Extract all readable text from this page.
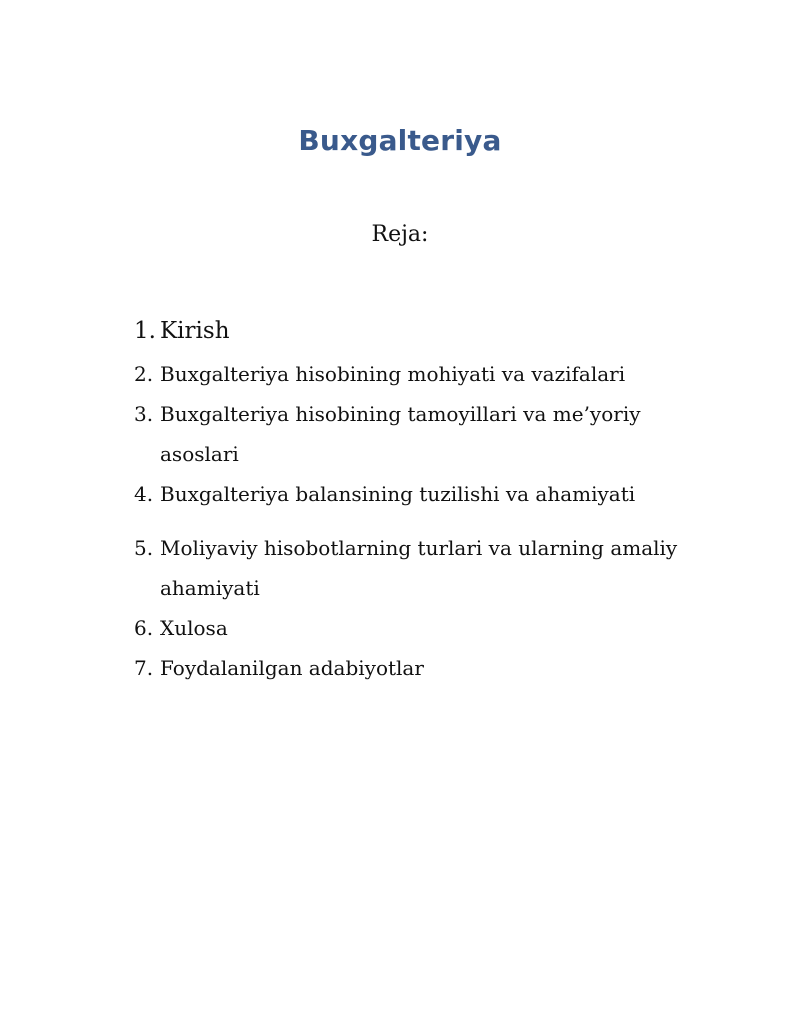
Buxgalteriya
Reja:
1. Kirish
2. Buxgalteriya hisobining mohiyati va vazifalari
3. Buxgalteriya hisobining tamoyillari va me’yoriy asoslari
4. Buxgalteriya balansining tuzilishi va ahamiyati
5. Moliyaviy hisobotlarning turlari va ularning amaliy ahamiyati
6. Xulosa
7. Foydalanilgan adabiyotlar
